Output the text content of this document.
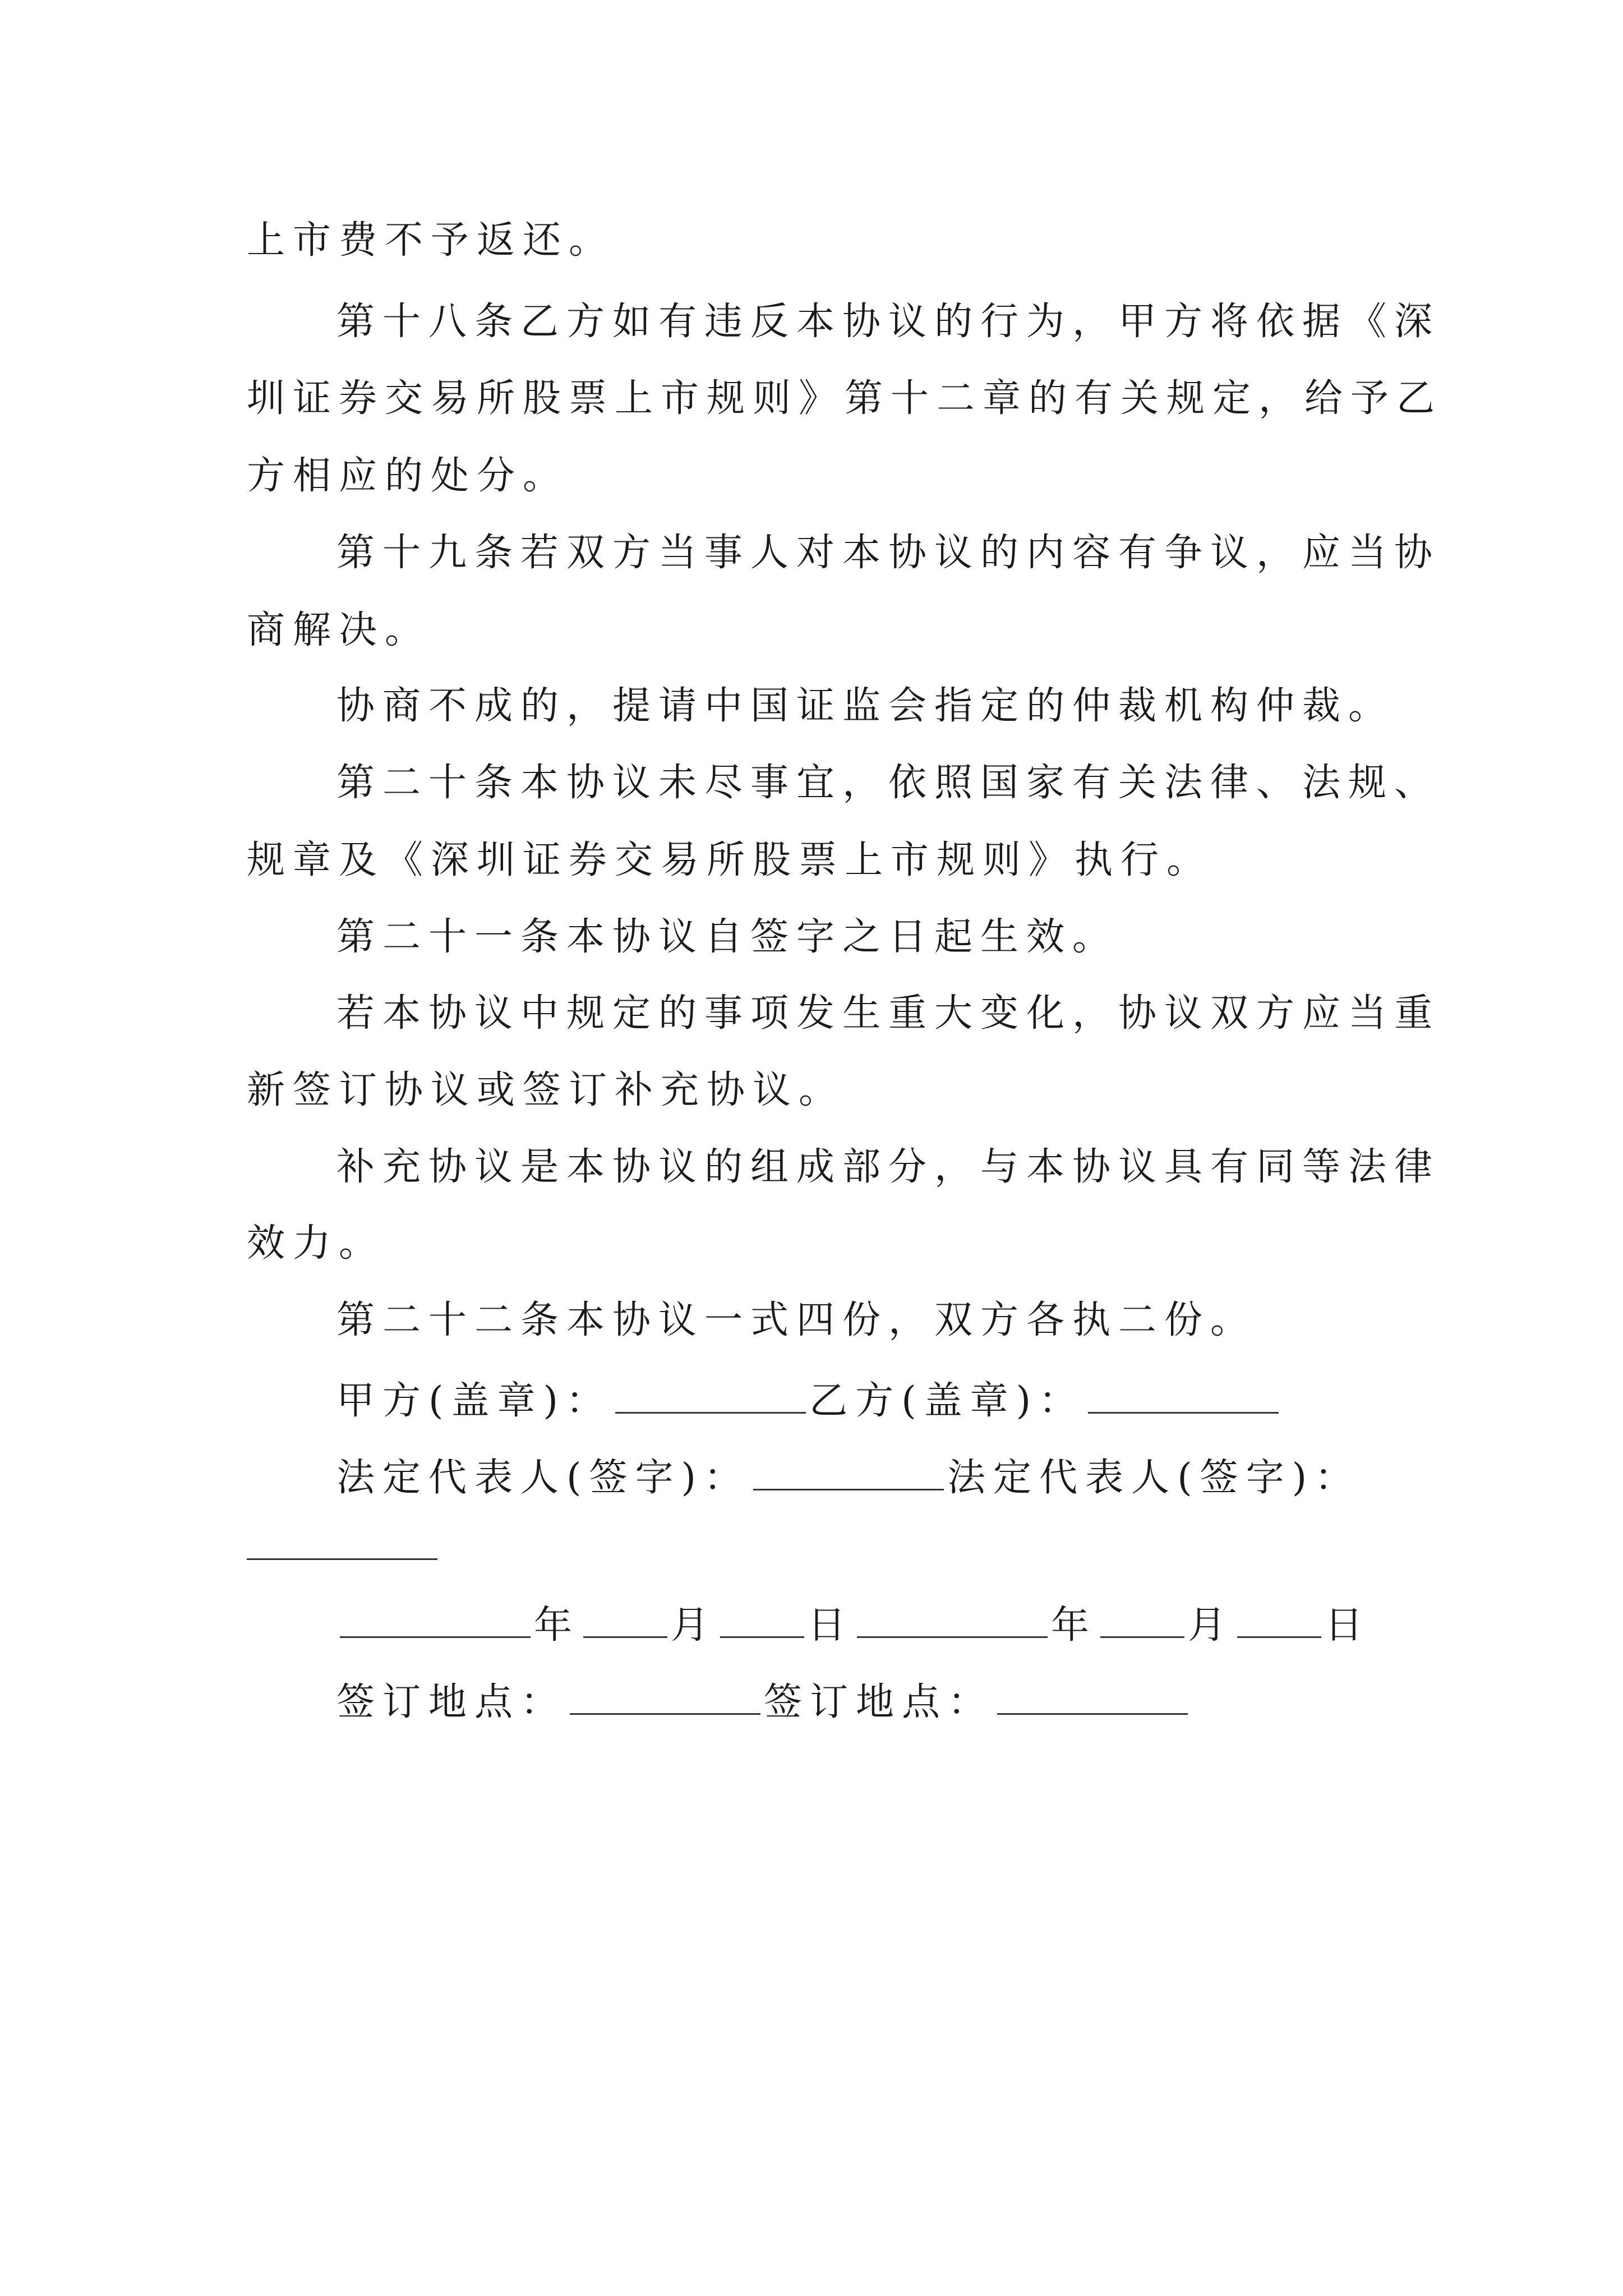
上市费不予返还。
第十八条乙方如有违反本协议的行为，甲方将依据《深
圳证券交易所股票上市规则》第十二章的有关规定，给予乙
方相应的处分。
第十九条若双方当事人对本协议的内容有争议，应当协
商解决。
协商不成的，提请中国证监会指定的仲裁机构仲裁。
第二十条本协议未尽事宜，依照国家有关法律、法规、
规章及《深圳证券交易所股票上市规则》执行。
第二十一条本协议自签字之日起生效。
若本协议中规定的事项发生重大变化，协议双方应当重
新签订协议或签订补充协议。
补充协议是本协议的组成部分，与本协议具有同等法律
效力。
第二十二条本协议一式四份，双方各执二份。
甲方(盖章)：	乙方(盖章)：
法定代表人(签字)：	法定代表人(签字)：
年 月 日	年 月 日
签订地点：	签订地点：
